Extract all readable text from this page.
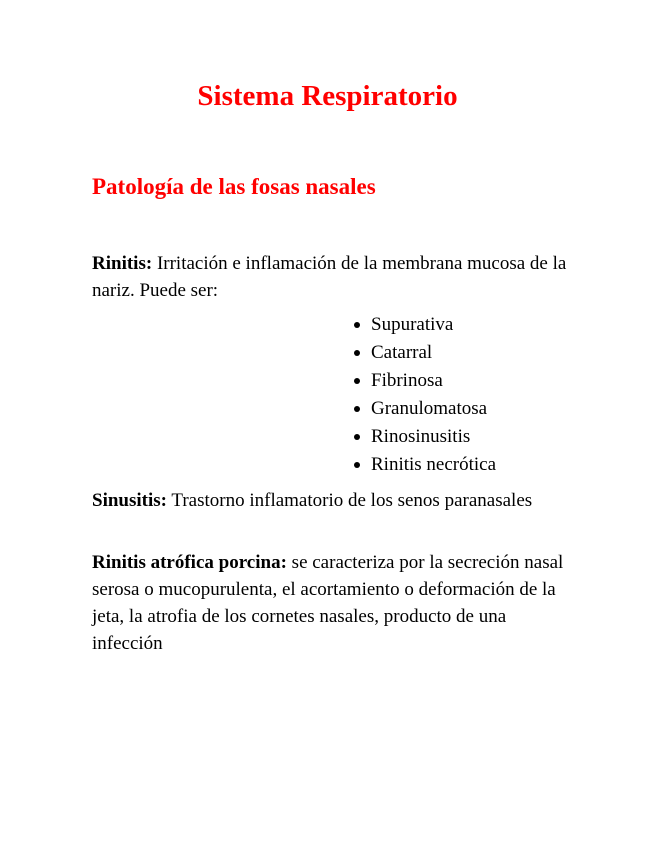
Sistema Respiratorio
Patología de las fosas nasales
Rinitis: Irritación e inflamación de la membrana mucosa de la nariz. Puede ser:
Supurativa
Catarral
Fibrinosa
Granulomatosa
Rinosinusitis
Rinitis necrótica
Sinusitis: Trastorno inflamatorio de los senos paranasales
Rinitis atrófica porcina: se caracteriza por la secreción nasal serosa o mucopurulenta, el acortamiento o deformación de la jeta, la atrofia de los cornetes nasales, producto de una infección
